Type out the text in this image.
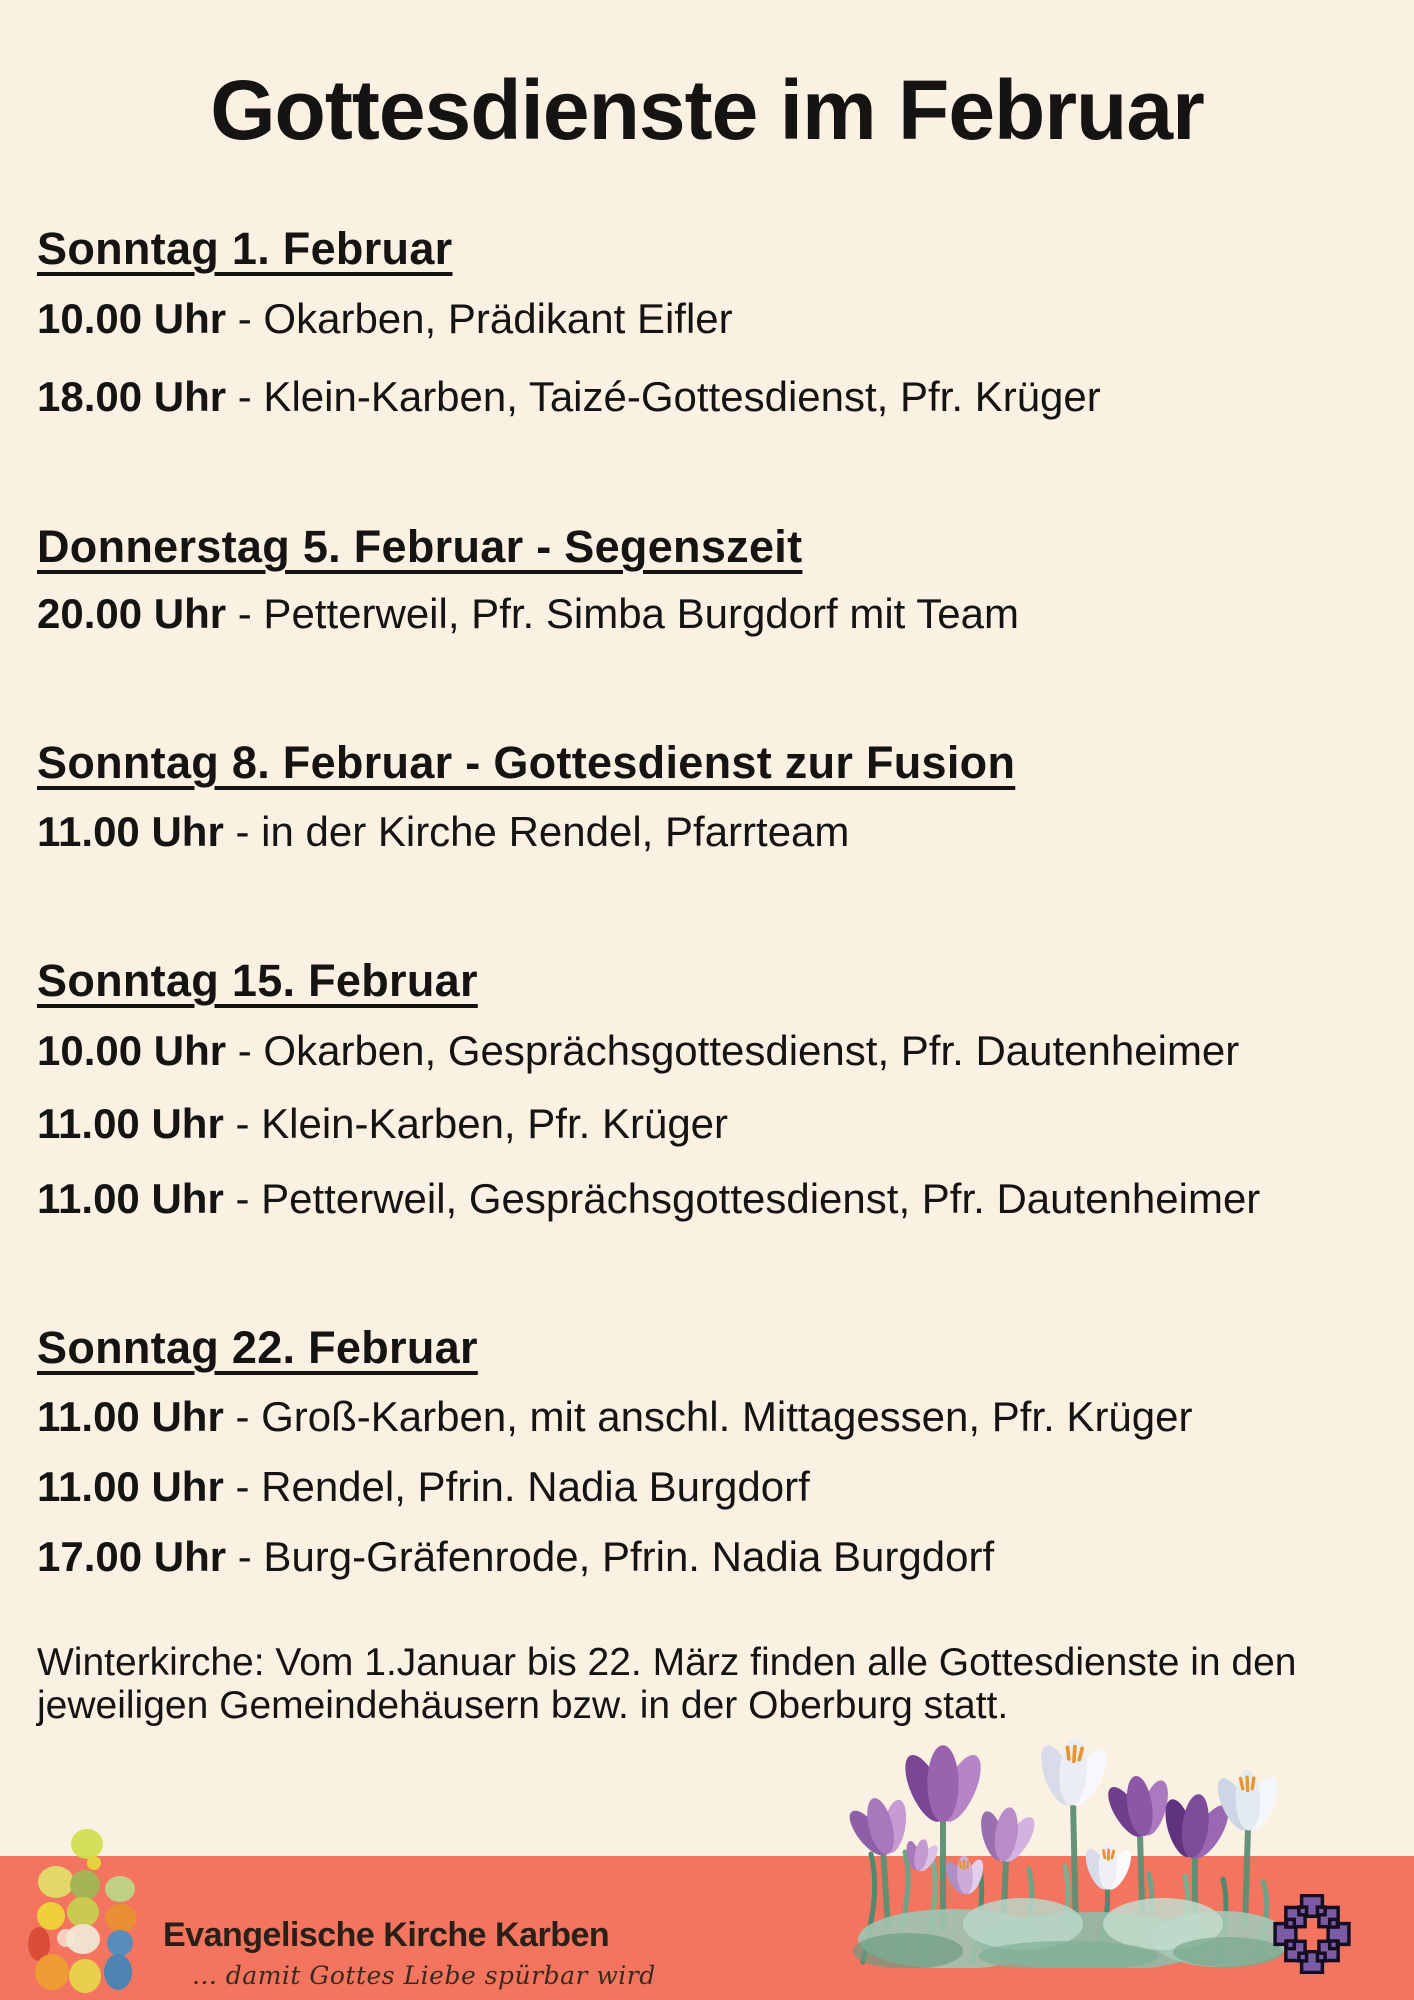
Gottesdienste im Februar
Sonntag 1. Februar
10.00 Uhr - Okarben, Prädikant Eifler
18.00 Uhr - Klein-Karben, Taizé-Gottesdienst, Pfr. Krüger
Donnerstag 5. Februar - Segenszeit
20.00 Uhr - Petterweil, Pfr. Simba Burgdorf mit Team
Sonntag 8. Februar - Gottesdienst zur Fusion
11.00 Uhr - in der Kirche Rendel, Pfarrteam
Sonntag 15. Februar
10.00 Uhr - Okarben, Gesprächsgottesdienst, Pfr. Dautenheimer
11.00 Uhr - Klein-Karben, Pfr. Krüger
11.00 Uhr - Petterweil, Gesprächsgottesdienst, Pfr. Dautenheimer
Sonntag 22. Februar
11.00 Uhr - Groß-Karben, mit anschl. Mittagessen, Pfr. Krüger
11.00 Uhr - Rendel, Pfrin. Nadia Burgdorf
17.00 Uhr - Burg-Gräfenrode, Pfrin. Nadia Burgdorf
Winterkirche: Vom 1.Januar bis 22. März finden alle Gottesdienste in den
jeweiligen Gemeindehäusern bzw. in der Oberburg statt.
Evangelische Kirche Karben
... damit Gottes Liebe spürbar wird
